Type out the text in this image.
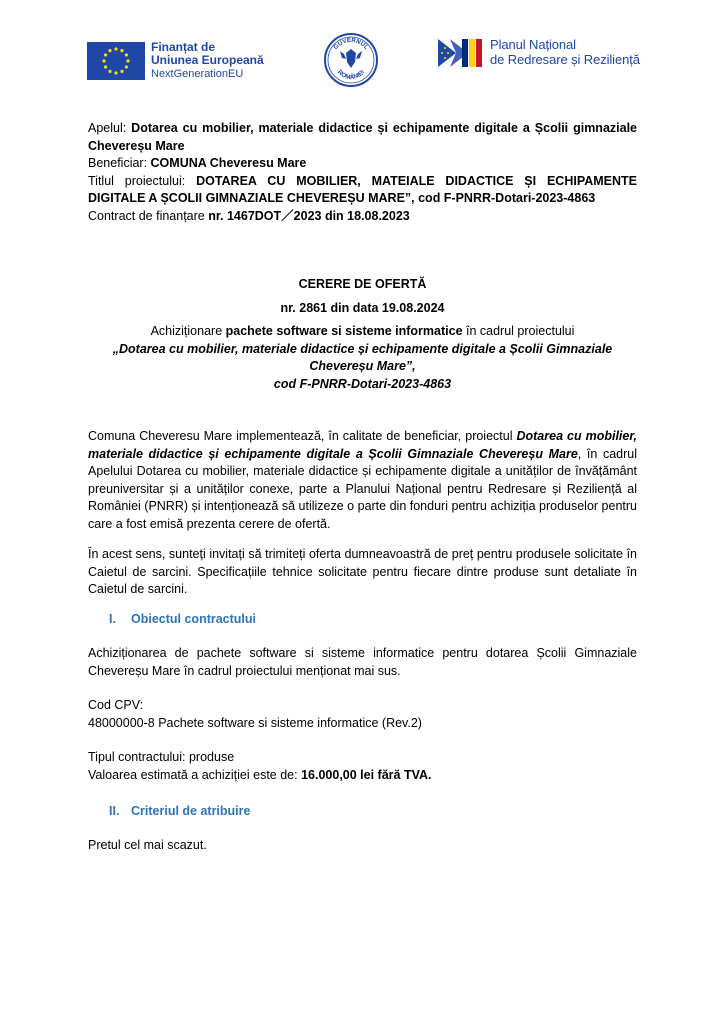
Finanțat de
Uniunea Europeană
NextGenerationEU
GUVERNUL
ROMÂNIEI
Planul Național
de Redresare și Reziliență

Apelul: Dotarea cu mobilier, materiale didactice și echipamente digitale a Școlii gimnaziale Chevereșu Mare

Beneficiar: COMUNA Cheveresu Mare

Titlul proiectului: DOTAREA CU MOBILIER, MATEIALE DIDACTICE ȘI ECHIPAMENTE DIGITALE A ȘCOLII GIMNAZIALE CHEVEREȘU MARE”, cod F-PNRR-Dotari-2023-4863

Contract de finanțare nr. 1467DOT／2023 din 18.08.2023

CERERE DE OFERTĂ

nr. 2861 din data 19.08.2024

Achiziționare pachete software si sisteme informatice în cadrul proiectului

„Dotarea cu mobilier, materiale didactice și echipamente digitale a Școlii Gimnaziale Chevereșu Mare”,

cod F-PNRR-Dotari-2023-4863

Comuna Cheveresu Mare implementează, în calitate de beneficiar, proiectul Dotarea cu mobilier, materiale didactice și echipamente digitale a Școlii Gimnaziale Chevereșu Mare, în cadrul Apelului Dotarea cu mobilier, materiale didactice și echipamente digitale a unităților de învățământ preuniversitar și a unităților conexe, parte a Planului Național pentru Redresare și Reziliență al României (PNRR) și intenționează să utilizeze o parte din fonduri pentru achiziția produselor pentru care a fost emisă prezenta cerere de ofertă.

În acest sens, sunteți invitați să trimiteți oferta dumneavoastră de preț pentru produsele solicitate în Caietul de sarcini. Specificațiile tehnice solicitate pentru fiecare dintre produse sunt detaliate în Caietul de sarcini.

I. Obiectul contractului

Achiziționarea de pachete software si sisteme informatice pentru dotarea Școlii Gimnaziale Chevereșu Mare în cadrul proiectului menționat mai sus.

Cod CPV:

48000000-8 Pachete software si sisteme informatice (Rev.2)

Tipul contractului: produse

Valoarea estimată a achiziției este de: 16.000,00 lei fără TVA.

II. Criteriul de atribuire

Pretul cel mai scazut.
